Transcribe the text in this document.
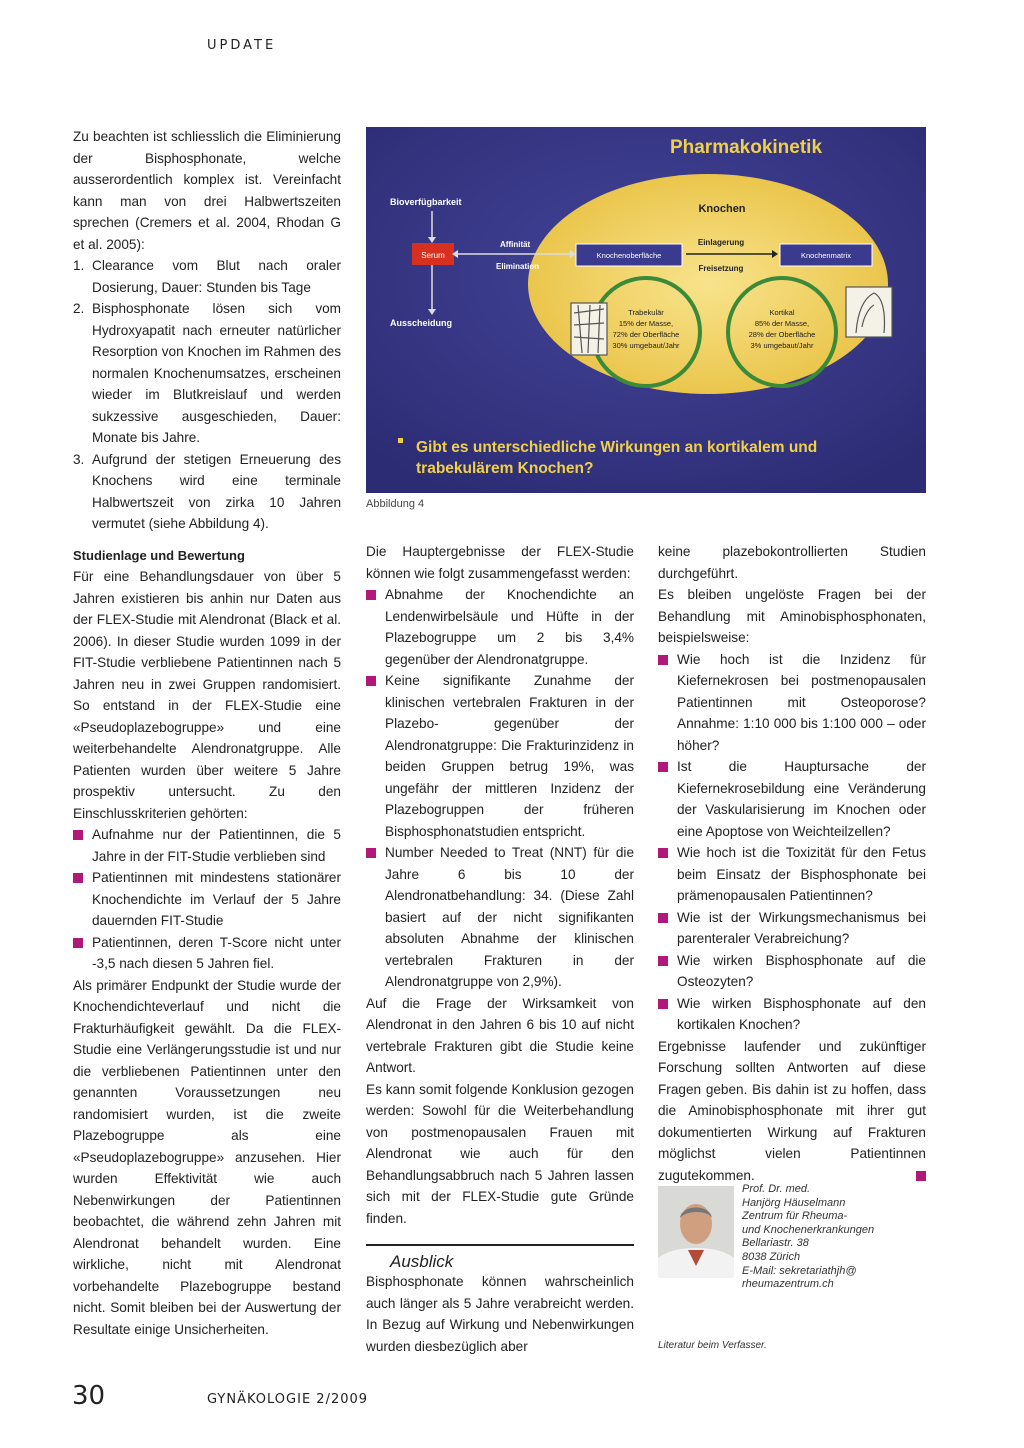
UPDATE

Zu beachten ist schliesslich die Eliminierung der Bisphosphonate, welche ausserordentlich komplex ist. Vereinfacht kann man von drei Halbwertszeiten sprechen (Cremers et al. 2004, Rhodan G et al. 2005):

1. Clearance vom Blut nach oraler Dosierung, Dauer: Stunden bis Tage
2. Bisphosphonate lösen sich vom Hydroxyapatit nach erneuter natürlicher Resorption von Knochen im Rahmen des normalen Knochenumsatzes, erscheinen wieder im Blutkreislauf und werden sukzessive ausgeschieden, Dauer: Monate bis Jahre.
3. Aufgrund der stetigen Erneuerung des Knochens wird eine terminale Halbwertszeit von zirka 10 Jahren vermutet (siehe Abbildung 4).

Studienlage und Bewertung

Für eine Behandlungsdauer von über 5 Jahren existieren bis anhin nur Daten aus der FLEX-Studie mit Alendronat (Black et al. 2006). In dieser Studie wurden 1099 in der FIT-Studie verbliebene Patientinnen nach 5 Jahren neu in zwei Gruppen randomisiert. So entstand in der FLEX-Studie eine «Pseudoplazebogruppe» und eine weiterbehandelte Alendronatgruppe. Alle Patienten wurden über weitere 5 Jahre prospektiv untersucht. Zu den Einschlusskriterien gehörten:

Aufnahme nur der Patientinnen, die 5 Jahre in der FIT-Studie verblieben sind
Patientinnen mit mindestens stationärer Knochendichte im Verlauf der 5 Jahre dauernden FIT-Studie
Patientinnen, deren T-Score nicht unter -3,5 nach diesen 5 Jahren fiel.

Als primärer Endpunkt der Studie wurde der Knochendichteverlauf und nicht die Frakturhäufigkeit gewählt. Da die FLEX-Studie eine Verlängerungsstudie ist und nur die verbliebenen Patientinnen unter den genannten Voraussetzungen neu randomisiert wurden, ist die zweite Plazebogruppe als eine «Pseudoplazebogruppe» anzusehen. Hier wurden Effektivität wie auch Nebenwirkungen der Patientinnen beobachtet, die während zehn Jahren mit Alendronat behandelt wurden. Eine wirkliche, nicht mit Alendronat vorbehandelte Plazebogruppe bestand nicht. Somit bleiben bei der Auswertung der Resultate einige Unsicherheiten.

Pharmakokinetik
Bioverfügbarkeit
Serum
Ausscheidung
Affinität
Elimination
Knochen
Knochenoberfläche
Einlagerung
Freisetzung
Knochenmatrix
Trabekulär
15% der Masse,
72% der Oberfläche
30% umgebaut/Jahr
Kortikal
85% der Masse,
28% der Oberfläche
3% umgebaut/Jahr
Gibt es unterschiedliche Wirkungen an kortikalem und
trabekulärem Knochen?
Abbildung 4

Die Hauptergebnisse der FLEX-Studie können wie folgt zusammengefasst werden:

Abnahme der Knochendichte an Lendenwirbelsäule und Hüfte in der Plazebogruppe um 2 bis 3,4% gegenüber der Alendronatgruppe.
Keine signifikante Zunahme der klinischen vertebralen Frakturen in der Plazebo- gegenüber der Alendronatgruppe: Die Frakturinzidenz in beiden Gruppen betrug 19%, was ungefähr der mittleren Inzidenz der Plazebogruppen der früheren Bisphosphonatstudien entspricht.
Number Needed to Treat (NNT) für die Jahre 6 bis 10 der Alendronatbehandlung: 34. (Diese Zahl basiert auf der nicht signifikanten absoluten Abnahme der klinischen vertebralen Frakturen in der Alendronatgruppe von 2,9%).

Auf die Frage der Wirksamkeit von Alendronat in den Jahren 6 bis 10 auf nicht vertebrale Frakturen gibt die Studie keine Antwort.

Es kann somit folgende Konklusion gezogen werden: Sowohl für die Weiterbehandlung von postmenopausalen Frauen mit Alendronat wie auch für den Behandlungsabbruch nach 5 Jahren lassen sich mit der FLEX-Studie gute Gründe finden.

Ausblick

Bisphosphonate können wahrscheinlich auch länger als 5 Jahre verabreicht werden. In Bezug auf Wirkung und Nebenwirkungen wurden diesbezüglich aber

keine plazebokontrollierten Studien durchgeführt.

Es bleiben ungelöste Fragen bei der Behandlung mit Aminobisphosphonaten, beispielsweise:

Wie hoch ist die Inzidenz für Kiefernekrosen bei postmenopausalen Patientinnen mit Osteoporose? Annahme: 1:10 000 bis 1:100 000 – oder höher?
Ist die Hauptursache der Kiefernekrosebildung eine Veränderung der Vaskularisierung im Knochen oder eine Apoptose von Weichteilzellen?
Wie hoch ist die Toxizität für den Fetus beim Einsatz der Bisphosphonate bei prämenopausalen Patientinnen?
Wie ist der Wirkungsmechanismus bei parenteraler Verabreichung?
Wie wirken Bisphosphonate auf die Osteozyten?
Wie wirken Bisphosphonate auf den kortikalen Knochen?

Ergebnisse laufender und zukünftiger Forschung sollten Antworten auf diese Fragen geben. Bis dahin ist zu hoffen, dass die Aminobisphosphonate mit ihrer gut dokumentierten Wirkung auf Frakturen möglichst vielen Patientinnen zugutekommen.

Prof. Dr. med.
Hanjörg Häuselmann
Zentrum für Rheuma-
und Knochenerkrankungen
Bellariastr. 38
8038 Zürich
E-Mail: sekretariathjh@
rheumazentrum.ch
Literatur beim Verfasser.
30	GYNÄKOLOGIE 2/2009
